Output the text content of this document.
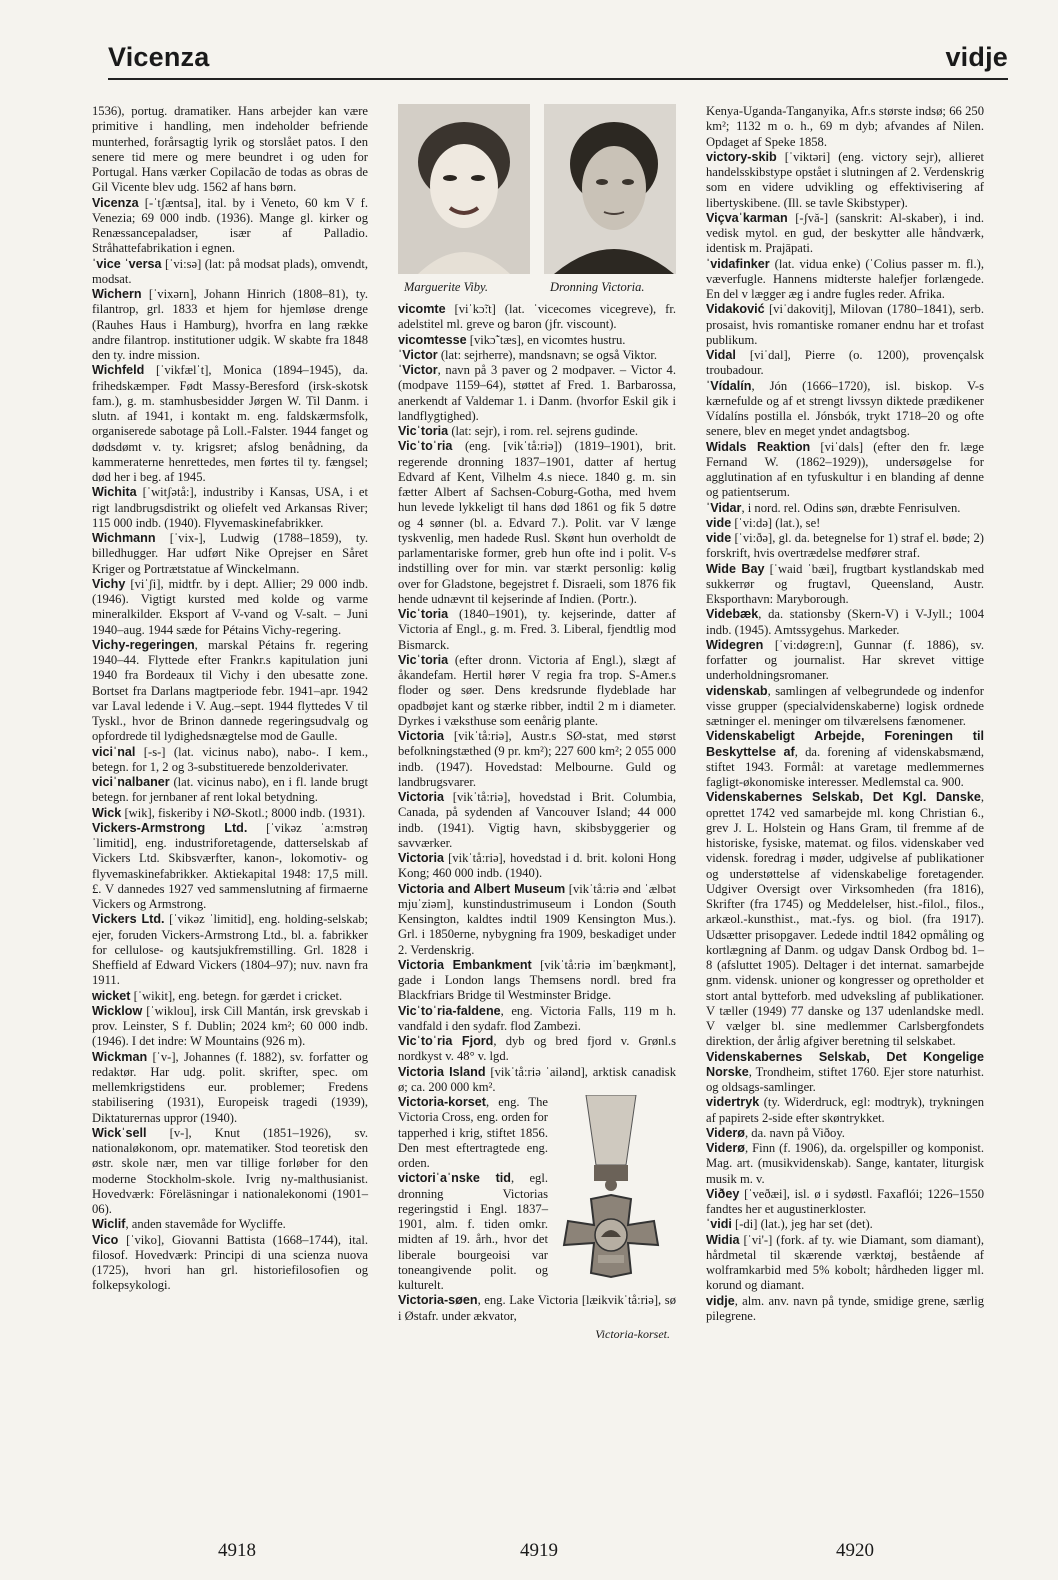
Vicenza	vidje
1536), portug. dramatiker. Hans arbejder kan være primitive i handling, men indeholder befriende munterhed, forårsagtig lyrik og storslået patos. I den senere tid mere og mere beundret i og uden for Portugal. Hans værker Copilacão de todas as obras de Gil Vicente blev udg. 1562 af hans børn.
Vicenza [-ˈtʃæntsa], ital. by i Veneto, 60 km V f. Venezia; 69 000 indb. (1936). Mange gl. kirker og Renæssancepaladser, især af Palladio. Stråhattefabrikation i egnen.
ˈvice ˈversa [ˈvi:sə] (lat: på modsat plads), omvendt, modsat.
Wichern [ˈvixərn], Johann Hinrich (1808–81), ty. filantrop, grl. 1833 et hjem for hjemløse drenge (Rauhes Haus i Hamburg), hvorfra en lang række andre filantrop. institutioner udgik. W skabte fra 1848 den ty. indre mission.
Wichfeld [ˈvikfælˈt], Monica (1894–1945), da. frihedskæmper. Født Massy-Beresford (irsk-skotsk fam.), g. m. stamhusbesidder Jørgen W. Til Danm. i slutn. af 1941, i kontakt m. eng. faldskærmsfolk, organiserede sabotage på Loll.-Falster. 1944 fanget og dødsdømt v. ty. krigsret; afslog benådning, da kammeraterne henrettedes, men førtes til ty. fængsel; død her i beg. af 1945.
Wichita [ˈwitʃətå:], industriby i Kansas, USA, i et rigt landbrugsdistrikt og oliefelt ved Arkansas River; 115 000 indb. (1940). Flyvemaskinefabrikker.
Wichmann [ˈvix-], Ludwig (1788–1859), ty. billedhugger. Har udført Nike Oprejser en Såret Kriger og Portrætstatue af Winckelmann.
Vichy [viˈʃi], midtfr. by i dept. Allier; 29 000 indb. (1946). Vigtigt kursted med kolde og varme mineralkilder. Eksport af V-vand og V-salt. – Juni 1940–aug. 1944 sæde for Pétains Vichy-regering.
Vichy-regeringen, marskal Pétains fr. regering 1940–44. Flyttede efter Frankr.s kapitulation juni 1940 fra Bordeaux til Vichy i den ubesatte zone. Bortset fra Darlans magtperiode febr. 1941–apr. 1942 var Laval ledende i V. Aug.–sept. 1944 flyttedes V til Tyskl., hvor de Brinon dannede regeringsudvalg og opfordrede til lydighedsnægtelse mod de Gaulle.
viciˈnal [-s-] (lat. vicinus nabo), nabo-. I kem., betegn. for 1, 2 og 3-substituerede benzolderivater.
viciˈnalbaner (lat. vicinus nabo), en i fl. lande brugt betegn. for jernbaner af rent lokal betydning.
Wick [wik], fiskeriby i NØ-Skotl.; 8000 indb. (1931).
Vickers-Armstrong Ltd. [ˈvikəz ˈa:mstrəŋ ˈlimitid], eng. industriforetagende, datterselskab af Vickers Ltd. Skibsværfter, kanon-, lokomotiv- og flyvemaskinefabrikker. Aktiekapital 1948: 17,5 mill. £. V dannedes 1927 ved sammenslutning af firmaerne Vickers og Armstrong.
Vickers Ltd. [ˈvikəz ˈlimitid], eng. holding-selskab; ejer, foruden Vickers-Armstrong Ltd., bl. a. fabrikker for cellulose- og kautsjukfremstilling. Grl. 1828 i Sheffield af Edward Vickers (1804–97); nuv. navn fra 1911.
wicket [ˈwikit], eng. betegn. for gærdet i cricket.
Wicklow [ˈwiklou], irsk Cill Mantán, irsk grevskab i prov. Leinster, S f. Dublin; 2024 km²; 60 000 indb. (1946). I det indre: W Mountains (926 m).
Wickman [ˈv-], Johannes (f. 1882), sv. forfatter og redaktør. Har udg. polit. skrifter, spec. om mellemkrigstidens eur. problemer; Fredens stabilisering (1931), Europeisk tragedi (1939), Diktaturernas uppror (1940).
Wickˈsell [v-], Knut (1851–1926), sv. nationaløkonom, opr. matematiker. Stod teoretisk den østr. skole nær, men var tillige forløber for den moderne Stockholm-skole. Ivrig ny-malthusianist. Hovedværk: Föreläsningar i nationalekonomi (1901–06).
Wiclif, anden stavemåde for Wycliffe.
Vico [ˈviko], Giovanni Battista (1668–1744), ital. filosof. Hovedværk: Principi di una scienza nuova (1725), hvori han grl. historiefilosofien og folkepsykologi.
Marguerite Viby.	Dronning Victoria.
vicomte [viˈkɔ̃:t] (lat. ˈvicecomes vicegreve), fr. adelstitel ml. greve og baron (jfr. viscount).
vicomtesse [vikɔ̃ˈtæs], en vicomtes hustru.
ˈVictor (lat: sejrherre), mandsnavn; se også Viktor.
ˈVictor, navn på 3 paver og 2 modpaver. – Victor 4. (modpave 1159–64), støttet af Fred. 1. Barbarossa, anerkendt af Valdemar 1. i Danm. (hvorfor Eskil gik i landflygtighed).
Vicˈtoria (lat: sejr), i rom. rel. sejrens gudinde.
Vicˈtoˈria (eng. [vikˈtå:riə]) (1819–1901), brit. regerende dronning 1837–1901, datter af hertug Edvard af Kent, Vilhelm 4.s niece. 1840 g. m. sin fætter Albert af Sachsen-Coburg-Gotha, med hvem hun levede lykkeligt til hans død 1861 og fik 5 døtre og 4 sønner (bl. a. Edvard 7.). Polit. var V længe tyskvenlig, men hadede Rusl. Skønt hun overholdt de parlamentariske former, greb hun ofte ind i polit. V-s indstilling over for min. var stærkt personlig: kølig over for Gladstone, begejstret f. Disraeli, som 1876 fik hende udnævnt til kejserinde af Indien. (Portr.).
Vicˈtoria (1840–1901), ty. kejserinde, datter af Victoria af Engl., g. m. Fred. 3. Liberal, fjendtlig mod Bismarck.
Vicˈtoria (efter dronn. Victoria af Engl.), slægt af åkandefam. Hertil hører V regia fra trop. S-Amer.s floder og søer. Dens kredsrunde flydeblade har opadbøjet kant og stærke ribber, indtil 2 m i diameter. Dyrkes i væksthuse som eenårig plante.
Victoria [vikˈtå:riə], Austr.s SØ-stat, med størst befolkningstæthed (9 pr. km²); 227 600 km²; 2 055 000 indb. (1947). Hovedstad: Melbourne. Guld og landbrugsvarer.
Victoria [vikˈtå:riə], hovedstad i Brit. Columbia, Canada, på sydenden af Vancouver Island; 44 000 indb. (1941). Vigtig havn, skibsbyggerier og savværker.
Victoria [vikˈtå:riə], hovedstad i d. brit. koloni Hong Kong; 460 000 indb. (1940).
Victoria and Albert Museum [vikˈtå:riə ənd ˈælbət mjuˈziəm], kunstindustrimuseum i London (South Kensington, kaldtes indtil 1909 Kensington Mus.). Grl. i 1850erne, nybygning fra 1909, beskadiget under 2. Verdenskrig.
Victoria Embankment [vikˈtå:riə imˈbæŋkmənt], gade i London langs Themsens nordl. bred fra Blackfriars Bridge til Westminster Bridge.
Vicˈtoˈria-faldene, eng. Victoria Falls, 119 m h. vandfald i den sydafr. flod Zambezi.
Vicˈtoˈria Fjord, dyb og bred fjord v. Grønl.s nordkyst v. 48° v. lgd.
Victoria Island [vikˈtå:riə ˈailənd], arktisk canadisk ø; ca. 200 000 km².
Victoria-korset, eng. The Victoria Cross, eng. orden for tapperhed i krig, stiftet 1856. Den mest eftertragtede eng. orden.
victoriˈaˈnske tid, egl. dronning Victorias regeringstid i Engl. 1837–1901, alm. f. tiden omkr. midten af 19. årh., hvor det liberale bourgeoisi var toneangivende polit. og kulturelt.
Victoria-korset.
Victoria-søen, eng. Lake Victoria [læikvikˈtå:riə], sø i Østafr. under ækvator,
Kenya-Uganda-Tanganyika, Afr.s største indsø; 66 250 km²; 1132 m o. h., 69 m dyb; afvandes af Nilen. Opdaget af Speke 1858.
victory-skib [ˈviktəri] (eng. victory sejr), allieret handelsskibstype opstået i slutningen af 2. Verdenskrig som en videre udvikling og effektivisering af libertyskibene. (Ill. se tavle Skibstyper).
Viçvaˈkarman [-ʃvă-] (sanskrit: Al-skaber), i ind. vedisk mytol. en gud, der beskytter alle håndværk, identisk m. Prajāpati.
ˈvidafinker (lat. vidua enke) (ˈColius passer m. fl.), væverfugle. Hannens midterste halefjer forlængede. En del v lægger æg i andre fugles reder. Afrika.
Vidaković [viˈdakovitj], Milovan (1780–1841), serb. prosaist, hvis romantiske romaner endnu har et trofast publikum.
Vidal [viˈdal], Pierre (o. 1200), provençalsk troubadour.
ˈVídalín, Jón (1666–1720), isl. biskop. V-s kærnefulde og af et strengt livssyn diktede prædikener Vídalíns postilla el. Jónsbók, trykt 1718–20 og ofte senere, blev en meget yndet andagtsbog.
Widals Reaktion [viˈdals] (efter den fr. læge Fernand W. (1862–1929)), undersøgelse for agglutination af en tyfuskultur i en blanding af denne og patientserum.
ˈVidar, i nord. rel. Odins søn, dræbte Fenrisulven.
vide [ˈvi:də] (lat.), se!
vide [ˈvi:ðə], gl. da. betegnelse for 1) straf el. bøde; 2) forskrift, hvis overtrædelse medfører straf.
Wide Bay [ˈwaid ˈbæi], frugtbart kystlandskab med sukkerrør og frugtavl, Queensland, Austr. Eksporthavn: Maryborough.
Videbæk, da. stationsby (Skern-V) i V-Jyll.; 1004 indb. (1945). Amtssygehus. Markeder.
Widegren [ˈvi:døgre:n], Gunnar (f. 1886), sv. forfatter og journalist. Har skrevet vittige underholdningsromaner.
videnskab, samlingen af velbegrundede og indenfor visse grupper (specialvidenskaberne) logisk ordnede sætninger el. meninger om tilværelsens fænomener.
Videnskabeligt Arbejde, Foreningen til Beskyttelse af, da. forening af videnskabsmænd, stiftet 1943. Formål: at varetage medlemmernes fagligt-økonomiske interesser. Medlemstal ca. 900.
Videnskabernes Selskab, Det Kgl. Danske, oprettet 1742 ved samarbejde ml. kong Christian 6., grev J. L. Holstein og Hans Gram, til fremme af de historiske, fysiske, matemat. og filos. videnskaber ved vidensk. foredrag i møder, udgivelse af publikationer og understøttelse af videnskabelige foretagender. Udgiver Oversigt over Virksomheden (fra 1816), Skrifter (fra 1745) og Meddelelser, hist.-filol., filos., arkæol.-kunsthist., mat.-fys. og biol. (fra 1917). Udsætter prisopgaver. Ledede indtil 1842 opmåling og kortlægning af Danm. og udgav Dansk Ordbog bd. 1–8 (afsluttet 1905). Deltager i det internat. samarbejde gnm. vidensk. unioner og kongresser og opretholder et stort antal bytteforb. med udveksling af publikationer. V tæller (1949) 77 danske og 137 udenlandske medl. V vælger bl. sine medlemmer Carlsbergfondets direktion, der årlig afgiver beretning til selskabet.
Videnskabernes Selskab, Det Kongelige Norske, Trondheim, stiftet 1760. Ejer store naturhist. og oldsags-samlinger.
vidertryk (ty. Widerdruck, egl: modtryk), trykningen af papirets 2-side efter skøntrykket.
Viderø, da. navn på Viðoy.
Viderø, Finn (f. 1906), da. orgelspiller og komponist. Mag. art. (musikvidenskab). Sange, kantater, liturgisk musik m. v.
Viðey [ˈveðæi], isl. ø i sydøstl. Faxaflói; 1226–1550 fandtes her et augustinerkloster.
ˈvidi [-di] (lat.), jeg har set (det).
Widia [ˈvi'-] (fork. af ty. wie Diamant, som diamant), hårdmetal til skærende værktøj, bestående af wolframkarbid med 5% kobolt; hårdheden ligger ml. korund og diamant.
vidje, alm. anv. navn på tynde, smidige grene, særlig pilegrene.
4918	4919	4920
